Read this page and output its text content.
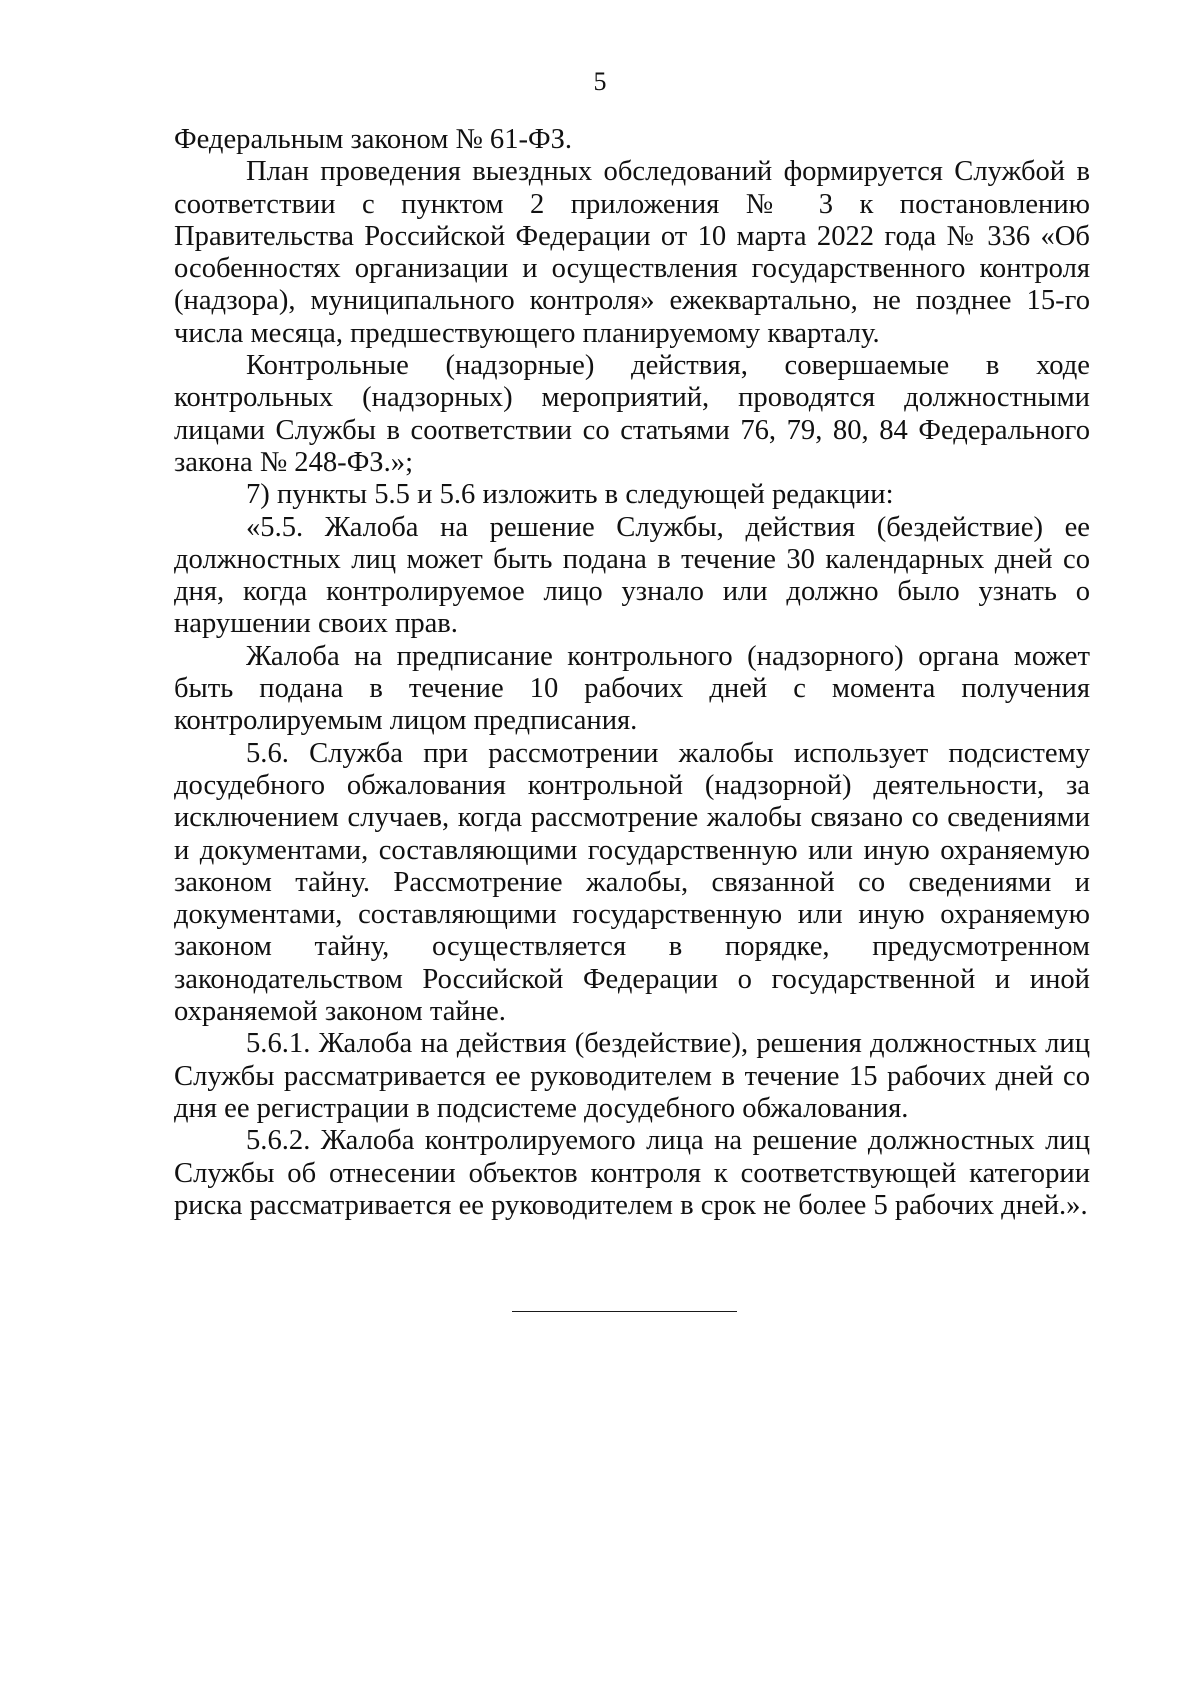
5

Федеральным законом № 61-ФЗ.

План проведения выездных обследований формируется Службой в соответствии с пунктом 2 приложения № 3 к постановлению Правительства Российской Федерации от 10 марта 2022 года № 336 «Об особенностях организации и осуществления государственного контроля (надзора), муниципального контроля» ежеквартально, не позднее 15-го числа месяца, предшествующего планируемому кварталу.

Контрольные (надзорные) действия, совершаемые в ходе контрольных (надзорных) мероприятий, проводятся должностными лицами Службы в соответствии со статьями 76, 79, 80, 84 Федерального закона № 248-ФЗ.»;

7) пункты 5.5 и 5.6 изложить в следующей редакции:

«5.5. Жалоба на решение Службы, действия (бездействие) ее должностных лиц может быть подана в течение 30 календарных дней со дня, когда контролируемое лицо узнало или должно было узнать о нарушении своих прав.

Жалоба на предписание контрольного (надзорного) органа может быть подана в течение 10 рабочих дней с момента получения контролируемым лицом предписания.

5.6. Служба при рассмотрении жалобы использует подсистему досудебного обжалования контрольной (надзорной) деятельности, за исключением случаев, когда рассмотрение жалобы связано со сведениями и документами, составляющими государственную или иную охраняемую законом тайну. Рассмотрение жалобы, связанной со сведениями и документами, составляющими государственную или иную охраняемую законом тайну, осуществляется в порядке, предусмотренном законодательством Российской Федерации о государственной и иной охраняемой законом тайне.

5.6.1. Жалоба на действия (бездействие), решения должностных лиц Службы рассматривается ее руководителем в течение 15 рабочих дней со дня ее регистрации в подсистеме досудебного обжалования.

5.6.2. Жалоба контролируемого лица на решение должностных лиц Службы об отнесении объектов контроля к соответствующей категории риска рассматривается ее руководителем в срок не более 5 рабочих дней.».
